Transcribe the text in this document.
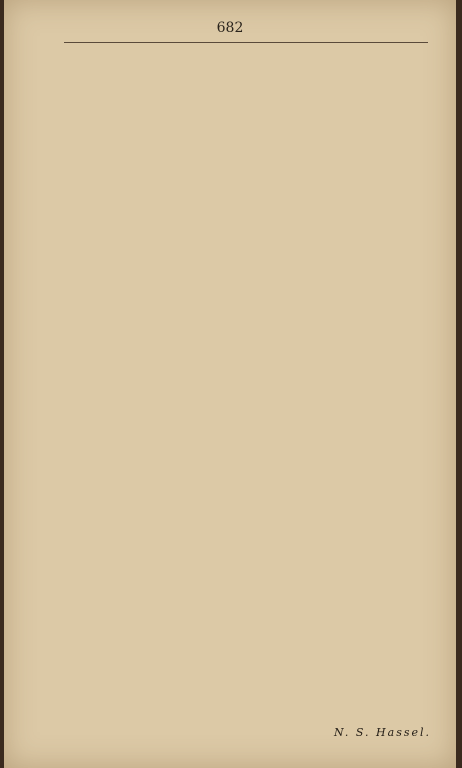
682
N. S. Hassel.
